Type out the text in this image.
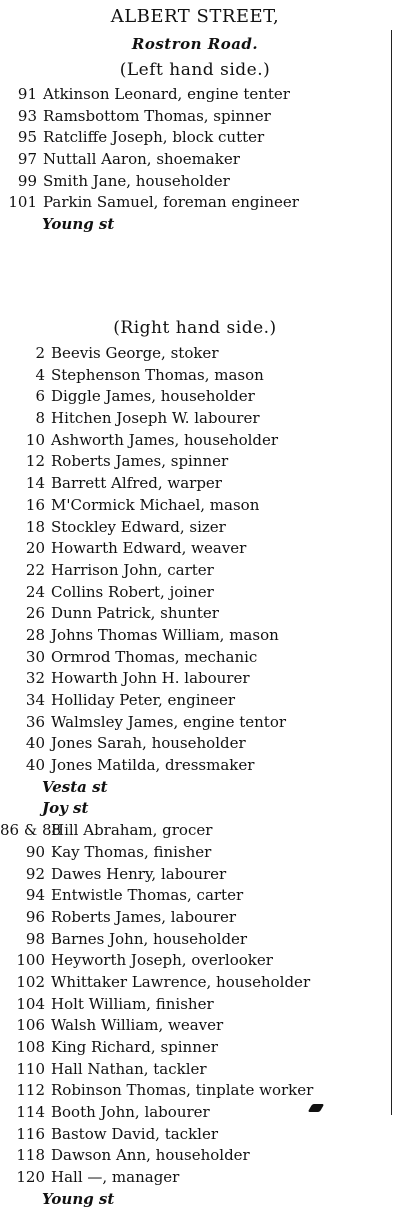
ALBERT STREET,
Rostron Road.
(Left hand side.)
91 Atkinson Leonard, engine tenter
93 Ramsbottom Thomas, spinner
95 Ratcliffe Joseph, block cutter
97 Nuttall Aaron, shoemaker
99 Smith Jane, householder
101 Parkin Samuel, foreman engineer
Young st
(Right hand side.)
2 Beevis George, stoker
4 Stephenson Thomas, mason
6 Diggle James, householder
8 Hitchen Joseph W. labourer
10 Ashworth James, householder
12 Roberts James, spinner
14 Barrett Alfred, warper
16 M'Cormick Michael, mason
18 Stockley Edward, sizer
20 Howarth Edward, weaver
22 Harrison John, carter
24 Collins Robert, joiner
26 Dunn Patrick, shunter
28 Johns Thomas William, mason
30 Ormrod Thomas, mechanic
32 Howarth John H. labourer
34 Holliday Peter, engineer
36 Walmsley James, engine tentor
40 Jones Sarah, householder
40 Jones Matilda, dressmaker
Vesta st
Joy st
86 & 88Hill Abraham, grocer
90 Kay Thomas, finisher
92 Dawes Henry, labourer
94 Entwistle Thomas, carter
96 Roberts James, labourer
98 Barnes John, householder
100 Heyworth Joseph, overlooker
102 Whittaker Lawrence, householder
104 Holt William, finisher
106 Walsh William, weaver
108 King Richard, spinner
110 Hall Nathan, tackler
112 Robinson Thomas, tinplate worker
114 Booth John, labourer
116 Bastow David, tackler
118 Dawson Ann, householder
120 Hall —, manager
Young st
